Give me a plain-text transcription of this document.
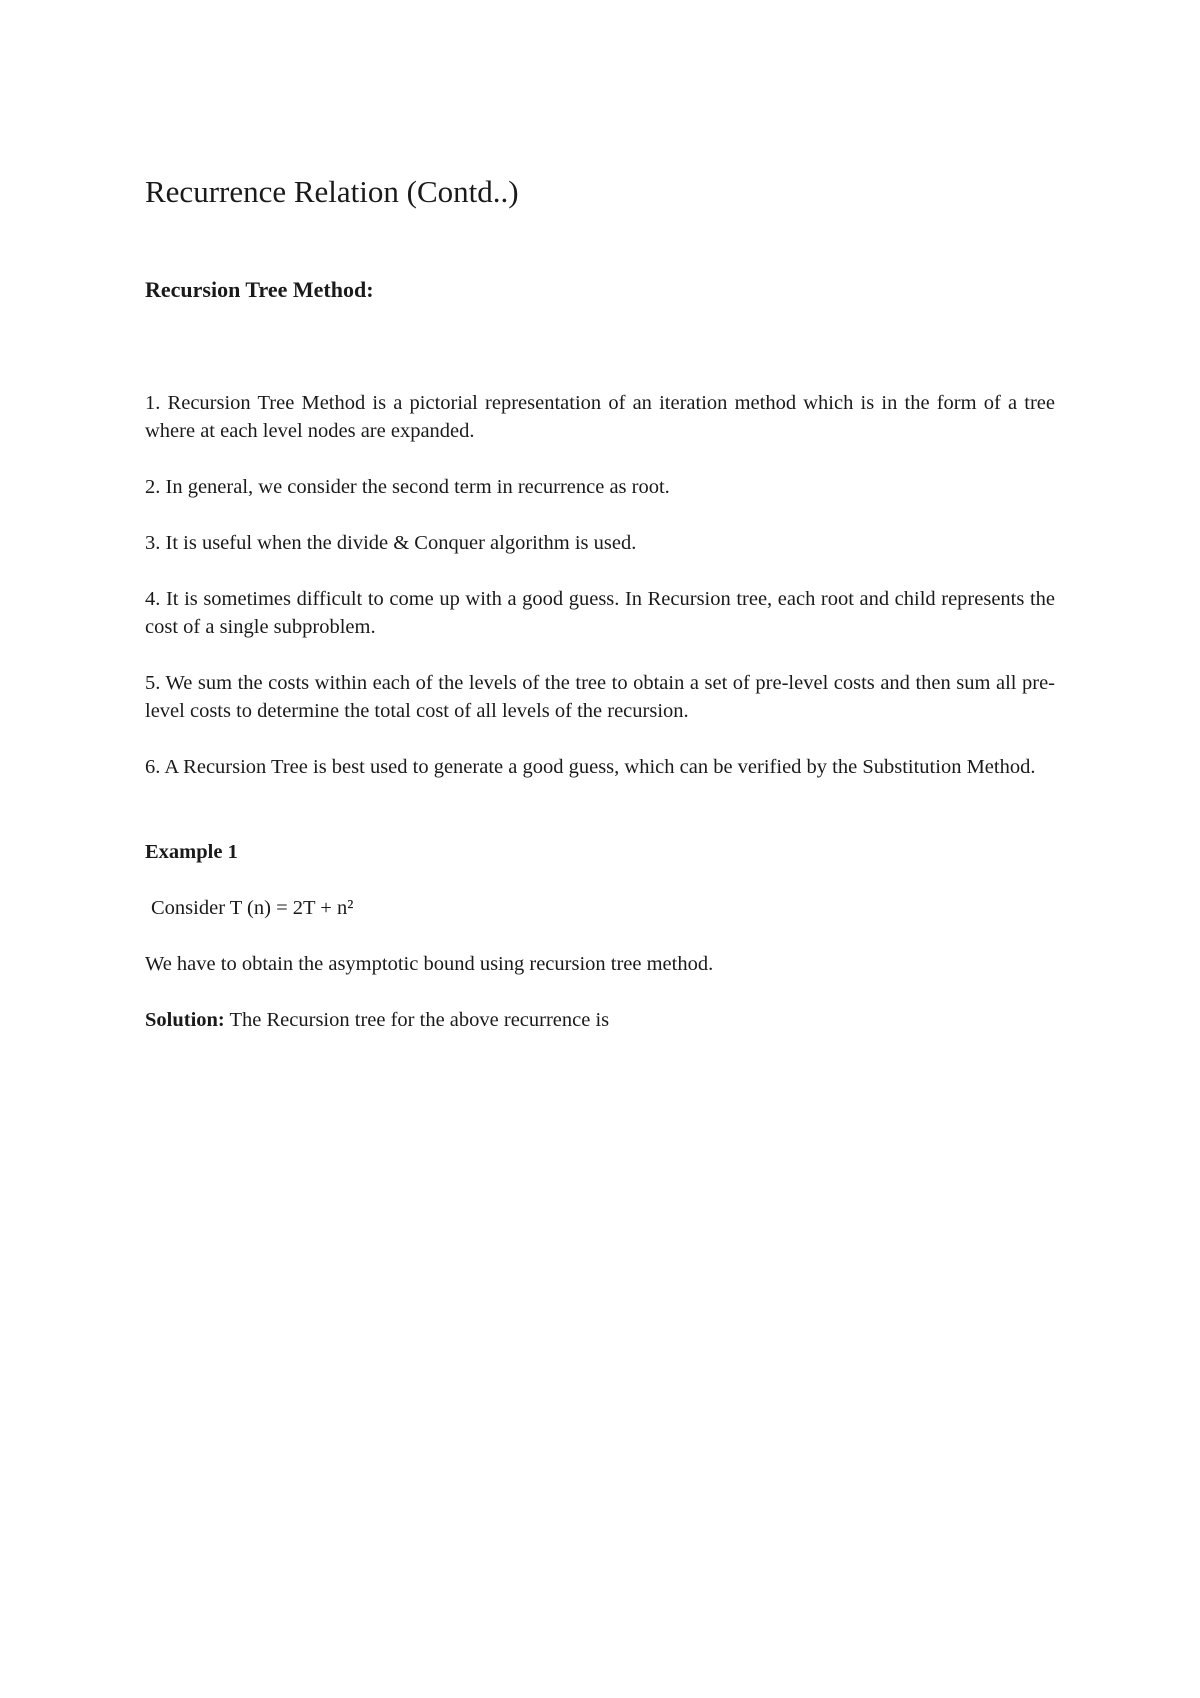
Recurrence Relation (Contd..)
Recursion Tree Method:
1. Recursion Tree Method is a pictorial representation of an iteration method which is in the form of a tree where at each level nodes are expanded.
2. In general, we consider the second term in recurrence as root.
3. It is useful when the divide & Conquer algorithm is used.
4. It is sometimes difficult to come up with a good guess. In Recursion tree, each root and child represents the cost of a single subproblem.
5. We sum the costs within each of the levels of the tree to obtain a set of pre-level costs and then sum all pre-level costs to determine the total cost of all levels of the recursion.
6. A Recursion Tree is best used to generate a good guess, which can be verified by the Substitution Method.

Example 1

Consider T (n) = 2T + n²

We have to obtain the asymptotic bound using recursion tree method.

Solution: The Recursion tree for the above recurrence is
